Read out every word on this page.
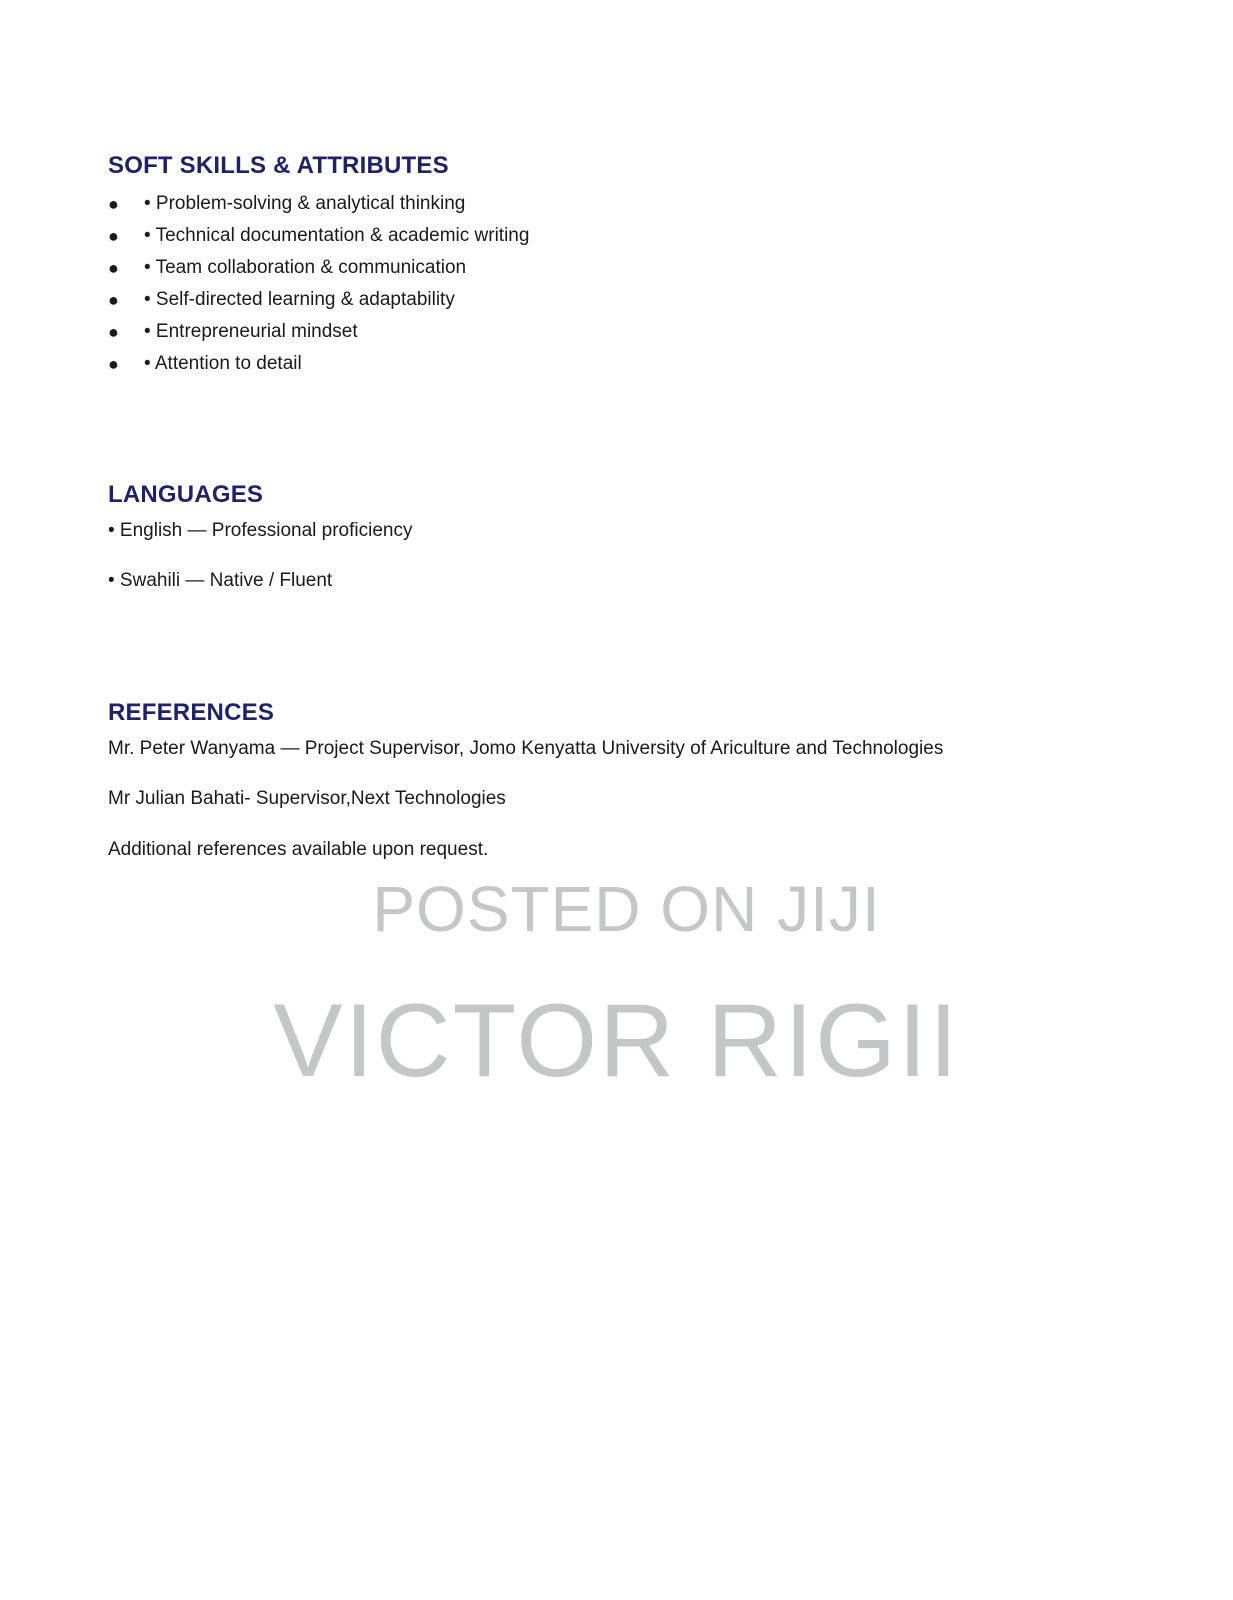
SOFT SKILLS & ATTRIBUTES
● • Problem-solving & analytical thinking
● • Technical documentation & academic writing
● • Team collaboration & communication
● • Self-directed learning & adaptability
● • Entrepreneurial mindset
● • Attention to detail
LANGUAGES

• English — Professional proficiency

• Swahili — Native / Fluent

REFERENCES

Mr. Peter Wanyama — Project Supervisor, Jomo Kenyatta University of Ariculture and Technologies

Mr Julian Bahati- Supervisor,Next Technologies

Additional references available upon request.

POSTED ON JIJI

VICTOR RIGII
